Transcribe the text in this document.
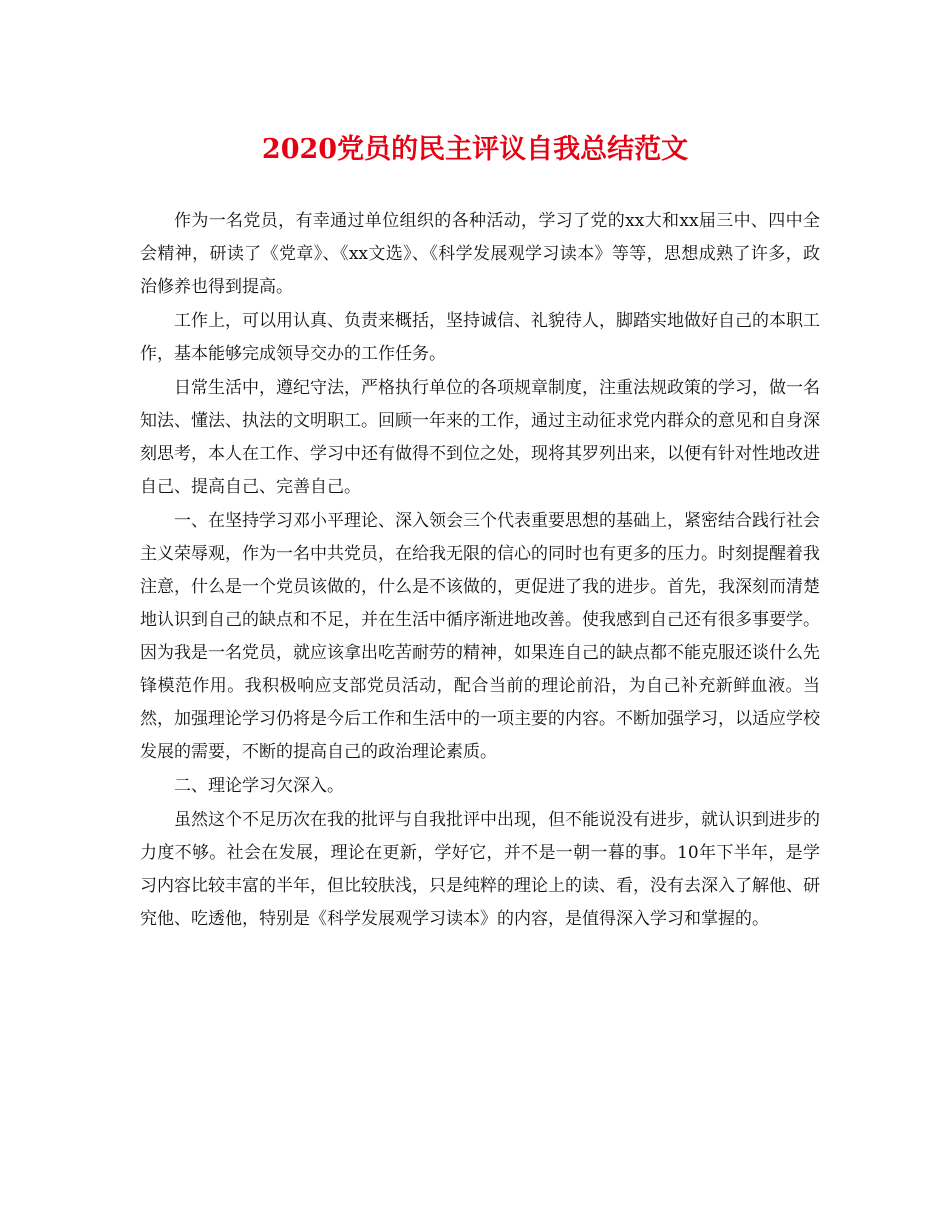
2020党员的民主评议自我总结范文

作为一名党员，有幸通过单位组织的各种活动，学习了党的xx大和xx届三中、四中全会精神，研读了《党章》、《xx文选》、《科学发展观学习读本》等等，思想成熟了许多，政治修养也得到提高。

工作上，可以用认真、负责来概括，坚持诚信、礼貌待人，脚踏实地做好自己的本职工作，基本能够完成领导交办的工作任务。

日常生活中，遵纪守法，严格执行单位的各项规章制度，注重法规政策的学习，做一名知法、懂法、执法的文明职工。回顾一年来的工作，通过主动征求党内群众的意见和自身深刻思考，本人在工作、学习中还有做得不到位之处，现将其罗列出来，以便有针对性地改进自己、提高自己、完善自己。

一、在坚持学习邓小平理论、深入领会三个代表重要思想的基础上，紧密结合践行社会主义荣辱观，作为一名中共党员，在给我无限的信心的同时也有更多的压力。时刻提醒着我注意，什么是一个党员该做的，什么是不该做的，更促进了我的进步。首先，我深刻而清楚地认识到自己的缺点和不足，并在生活中循序渐进地改善。使我感到自己还有很多事要学。因为我是一名党员，就应该拿出吃苦耐劳的精神，如果连自己的缺点都不能克服还谈什么先锋模范作用。我积极响应支部党员活动，配合当前的理论前沿，为自己补充新鲜血液。当然，加强理论学习仍将是今后工作和生活中的一项主要的内容。不断加强学习，以适应学校发展的需要，不断的提高自己的政治理论素质。

二、理论学习欠深入。

虽然这个不足历次在我的批评与自我批评中出现，但不能说没有进步，就认识到进步的力度不够。社会在发展，理论在更新，学好它，并不是一朝一暮的事。10年下半年，是学习内容比较丰富的半年，但比较肤浅，只是纯粹的理论上的读、看，没有去深入了解他、研究他、吃透他，特别是《科学发展观学习读本》的内容，是值得深入学习和掌握的。
